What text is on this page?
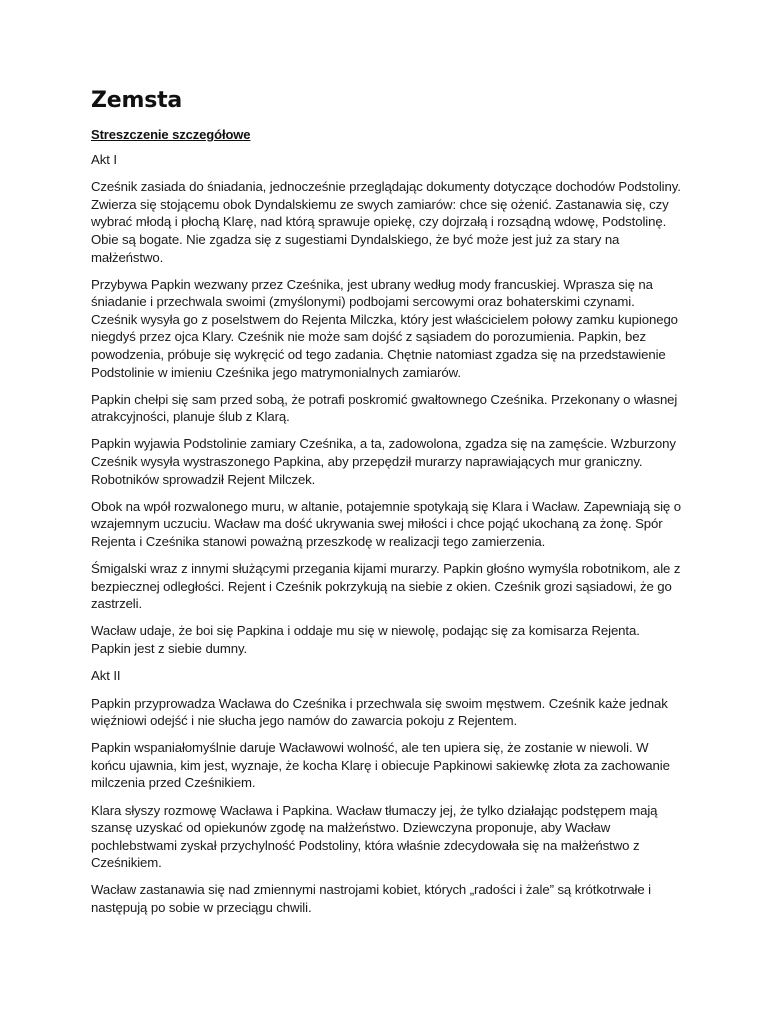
Zemsta
Streszczenie szczegółowe
Akt I

Cześnik zasiada do śniadania, jednocześnie przeglądając dokumenty dotyczące dochodów Podstoliny. Zwierza się stojącemu obok Dyndalskiemu ze swych zamiarów: chce się ożenić. Zastanawia się, czy wybrać młodą i płochą Klarę, nad którą sprawuje opiekę, czy dojrzałą i rozsądną wdowę, Podstolinę. Obie są bogate. Nie zgadza się z sugestiami Dyndalskiego, że być może jest już za stary na małżeństwo.

Przybywa Papkin wezwany przez Cześnika, jest ubrany według mody francuskiej. Wprasza się na śniadanie i przechwala swoimi (zmyślonymi) podbojami sercowymi oraz bohaterskimi czynami. Cześnik wysyła go z poselstwem do Rejenta Milczka, który jest właścicielem połowy zamku kupionego niegdyś przez ojca Klary. Cześnik nie może sam dojść z sąsiadem do porozumienia. Papkin, bez powodzenia, próbuje się wykręcić od tego zadania. Chętnie natomiast zgadza się na przedstawienie Podstolinie w imieniu Cześnika jego matrymonialnych zamiarów.

Papkin chełpi się sam przed sobą, że potrafi poskromić gwałtownego Cześnika. Przekonany o własnej atrakcyjności, planuje ślub z Klarą.

Papkin wyjawia Podstolinie zamiary Cześnika, a ta, zadowolona, zgadza się na zamęście. Wzburzony Cześnik wysyła wystraszonego Papkina, aby przepędził murarzy naprawiających mur graniczny. Robotników sprowadził Rejent Milczek.

Obok na wpół rozwalonego muru, w altanie, potajemnie spotykają się Klara i Wacław. Zapewniają się o wzajemnym uczuciu. Wacław ma dość ukrywania swej miłości i chce pojąć ukochaną za żonę. Spór Rejenta i Cześnika stanowi poważną przeszkodę w realizacji tego zamierzenia.

Śmigalski wraz z innymi służącymi przegania kijami murarzy. Papkin głośno wymyśla robotnikom, ale z bezpiecznej odległości. Rejent i Cześnik pokrzykują na siebie z okien. Cześnik grozi sąsiadowi, że go zastrzeli.

Wacław udaje, że boi się Papkina i oddaje mu się w niewolę, podając się za komisarza Rejenta. Papkin jest z siebie dumny.

Akt II

Papkin przyprowadza Wacława do Cześnika i przechwala się swoim męstwem. Cześnik każe jednak więźniowi odejść i nie słucha jego namów do zawarcia pokoju z Rejentem.

Papkin wspaniałomyślnie daruje Wacławowi wolność, ale ten upiera się, że zostanie w niewoli. W końcu ujawnia, kim jest, wyznaje, że kocha Klarę i obiecuje Papkinowi sakiewkę złota za zachowanie milczenia przed Cześnikiem.

Klara słyszy rozmowę Wacława i Papkina. Wacław tłumaczy jej, że tylko działając podstępem mają szansę uzyskać od opiekunów zgodę na małżeństwo. Dziewczyna proponuje, aby Wacław pochlebstwami zyskał przychylność Podstoliny, która właśnie zdecydowała się na małżeństwo z Cześnikiem.

Wacław zastanawia się nad zmiennymi nastrojami kobiet, których „radości i żale” są krótkotrwałe i następują po sobie w przeciągu chwili.
